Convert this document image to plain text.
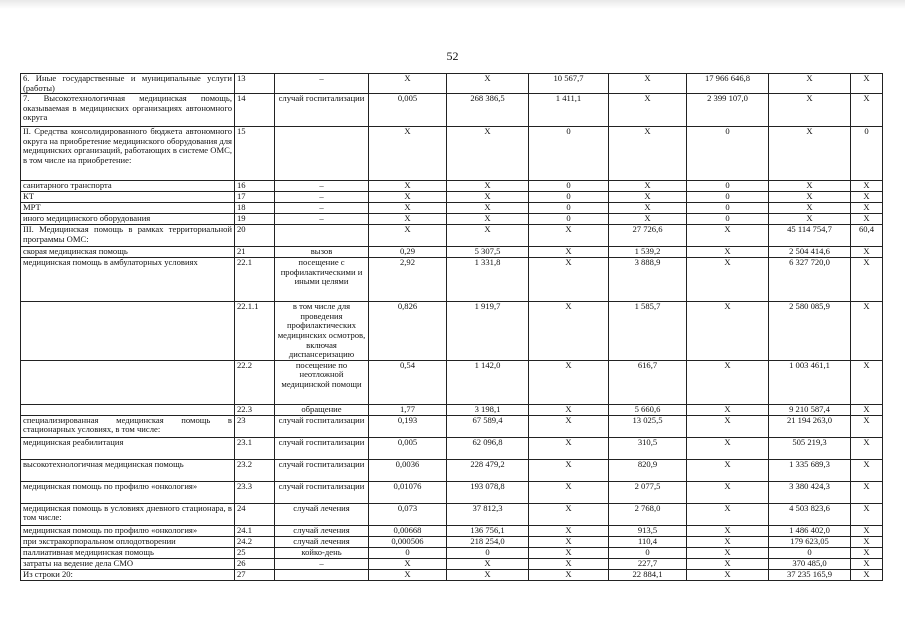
52
6. Иные государственные и муниципальные услуги (работы)	13	–	X	X	10 567,7	X	17 966 646,8	X	X
7. Высокотехнологичная медицинская помощь, оказываемая в медицинских организациях автономного округа	14	случай госпитализации	0,005	268 386,5	1 411,1	X	2 399 107,0	X	X
II. Средства консолидированного бюджета автономного округа на приобретение медицинского оборудования для медицинских организаций, работающих в системе ОМС, в том числе на приобретение:	15		X	X	0	X	0	X	0
санитарного транспорта	16	–	X	X	0	X	0	X	X
КТ	17	–	X	X	0	X	0	X	X
МРТ	18	–	X	X	0	X	0	X	X
иного медицинского оборудования	19	–	X	X	0	X	0	X	X
III. Медицинская помощь в рамках территориальной программы ОМС:	20		X	X	X	27 726,6	X	45 114 754,7	60,4
скорая медицинская помощь	21	вызов	0,29	5 307,5	X	1 539,2	X	2 504 414,6	X
медицинская помощь в амбулаторных условиях	22.1	посещение с профилактическими и иными целями	2,92	1 331,8	X	3 888,9	X	6 327 720,0	X
	22.1.1	в том числе для проведения профилактических медицинских осмотров, включая диспансеризацию	0,826	1 919,7	X	1 585,7	X	2 580 085,9	X
	22.2	посещение по неотложной медицинской помощи	0,54	1 142,0	X	616,7	X	1 003 461,1	X
	22.3	обращение	1,77	3 198,1	X	5 660,6	X	9 210 587,4	X
специализированная медицинская помощь в стационарных условиях, в том числе:	23	случай госпитализации	0,193	67 589,4	X	13 025,5	X	21 194 263,0	X
медицинская реабилитация	23.1	случай госпитализации	0,005	62 096,8	X	310,5	X	505 219,3	X
высокотехнологичная медицинская помощь	23.2	случай госпитализации	0,0036	228 479,2	X	820,9	X	1 335 689,3	X
медицинская помощь по профилю «онкология»	23.3	случай госпитализации	0,01076	193 078,8	X	2 077,5	X	3 380 424,3	X
медицинская помощь в условиях дневного стационара, в том числе:	24	случай лечения	0,073	37 812,3	X	2 768,0	X	4 503 823,6	X
медицинская помощь по профилю «онкология»	24.1	случай лечения	0,00668	136 756,1	X	913,5	X	1 486 402,0	X
при экстракорпоральном оплодотворении	24.2	случай лечения	0,000506	218 254,0	X	110,4	X	179 623,05	X
паллиативная медицинская помощь	25	койко-день	0	0	X	0	X	0	X
затраты на ведение дела СМО	26	–	X	X	X	227,7	X	370 485,0	X
Из строки 20:	27		X	X	X	22 884,1	X	37 235 165,9	X
